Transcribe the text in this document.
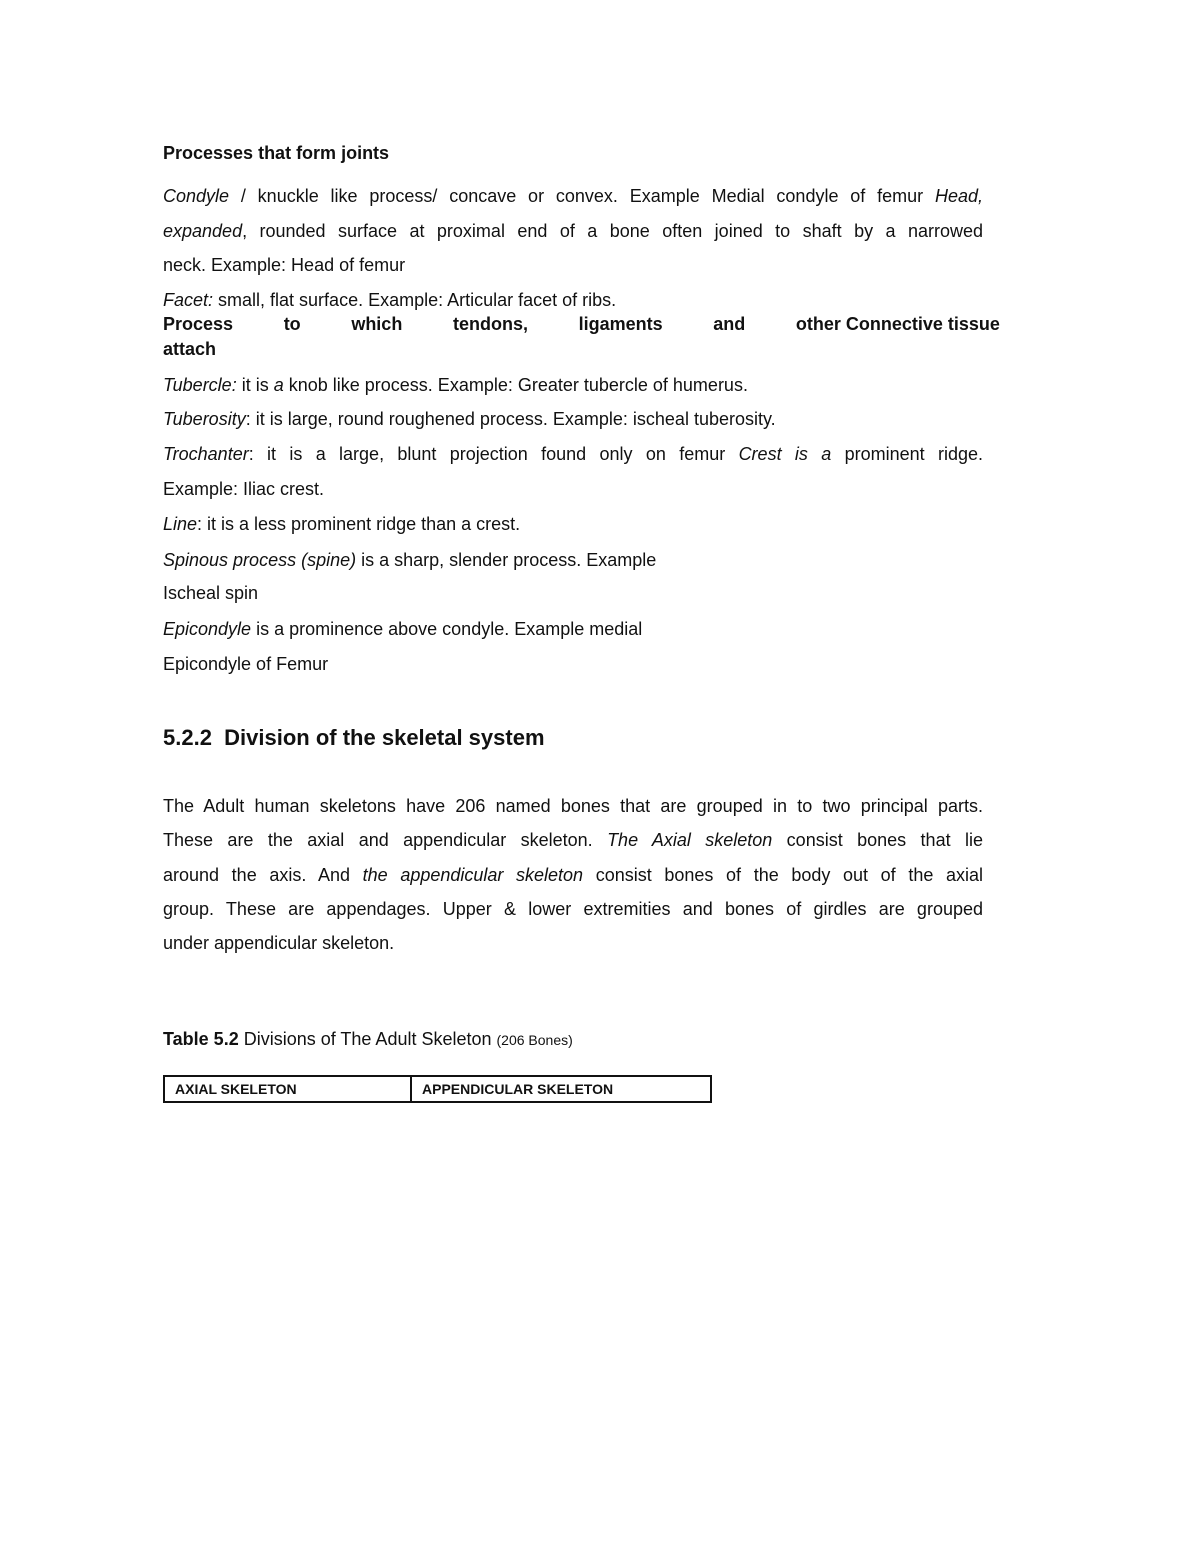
Processes that form joints

Condyle / knuckle like process/ concave or convex. Example Medial condyle of femur Head,

expanded, rounded surface at proximal end of a bone often joined to shaft by a narrowed

neck. Example: Head of femur

Facet: small, flat surface. Example: Articular facet of ribs.

Process	to	which	tendons,	ligaments	and	other Connective tissue

attach

Tubercle: it is a knob like process. Example: Greater tubercle of humerus.

Tuberosity: it is large, round roughened process. Example: ischeal tuberosity.

Trochanter: it is a large, blunt projection found only on femur Crest is a prominent ridge.

Example: Iliac crest.

Line: it is a less prominent ridge than a crest.

Spinous process (spine) is a sharp, slender process. Example

Ischeal spin

Epicondyle is a prominence above condyle. Example medial

Epicondyle of Femur

5.2.2 Division of the skeletal system

The Adult human skeletons have 206 named bones that are grouped in to two principal parts.

These are the axial and appendicular skeleton. The Axial skeleton consist bones that lie

around the axis. And the appendicular skeleton consist bones of the body out of the axial

group. These are appendages. Upper & lower extremities and bones of girdles are grouped

under appendicular skeleton.

Table 5.2 Divisions of The Adult Skeleton (206 Bones)

AXIAL SKELETON	APPENDICULAR SKELETON
